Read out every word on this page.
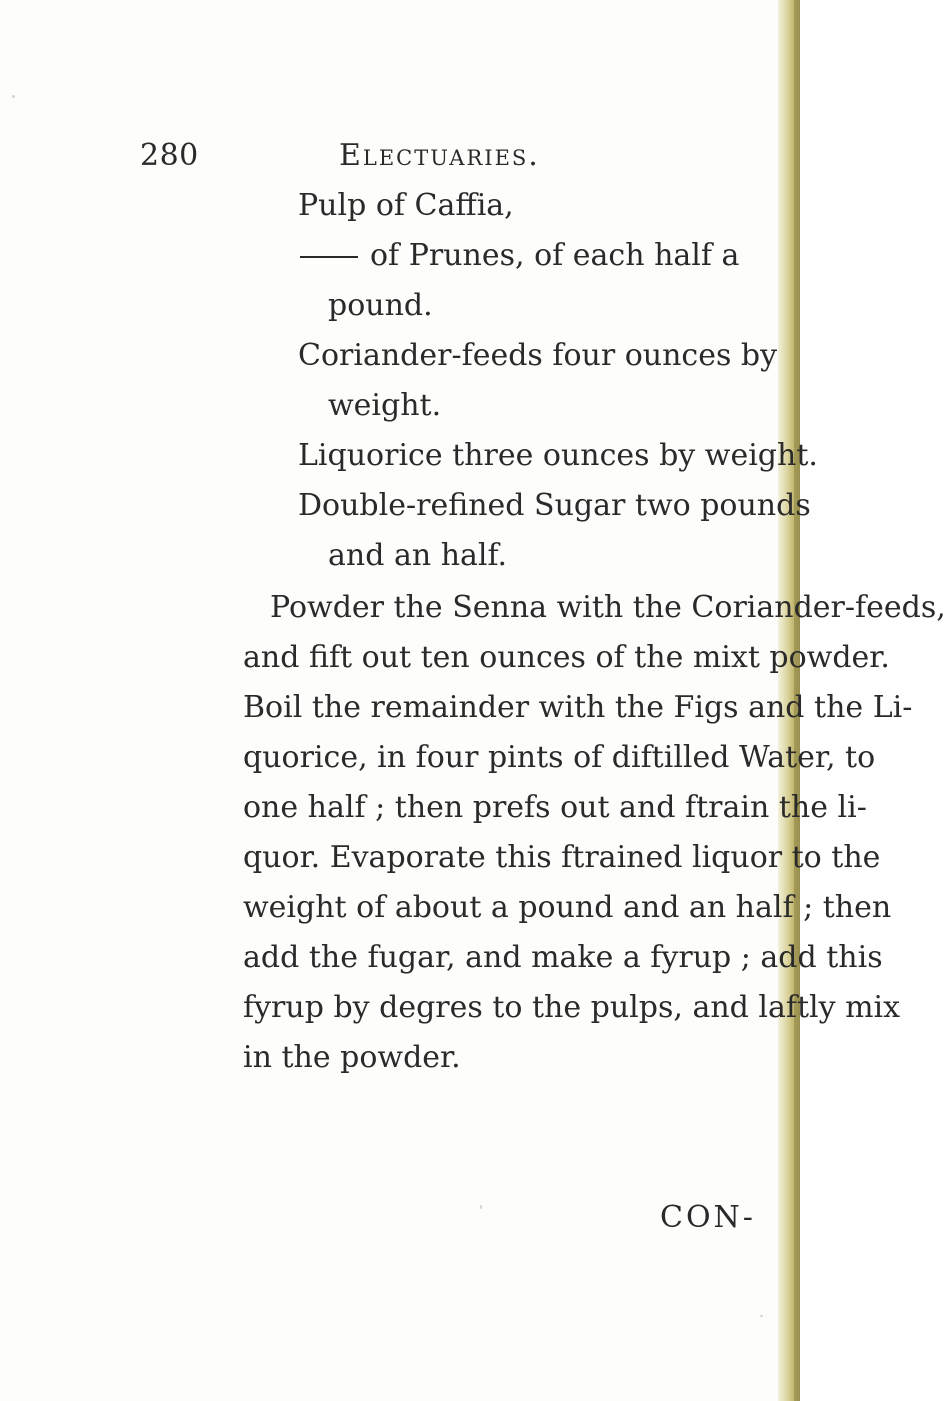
280	Electuaries.
Pulp of Caffia,
of Prunes, of each half a
pound.
Coriander-feeds four ounces by
weight.
Liquorice three ounces by weight.
Double-refined Sugar two pounds
and an half.
Powder the Senna with the Coriander-feeds,
and fift out ten ounces of the mixt powder.
Boil the remainder with the Figs and the Li-
quorice, in four pints of diftilled Water, to
one half ; then prefs out and ftrain the li-
quor. Evaporate this ftrained liquor to the
weight of about a pound and an half ; then
add the fugar, and make a fyrup ; add this
fyrup by degres to the pulps, and laftly mix
in the powder.
CON-
